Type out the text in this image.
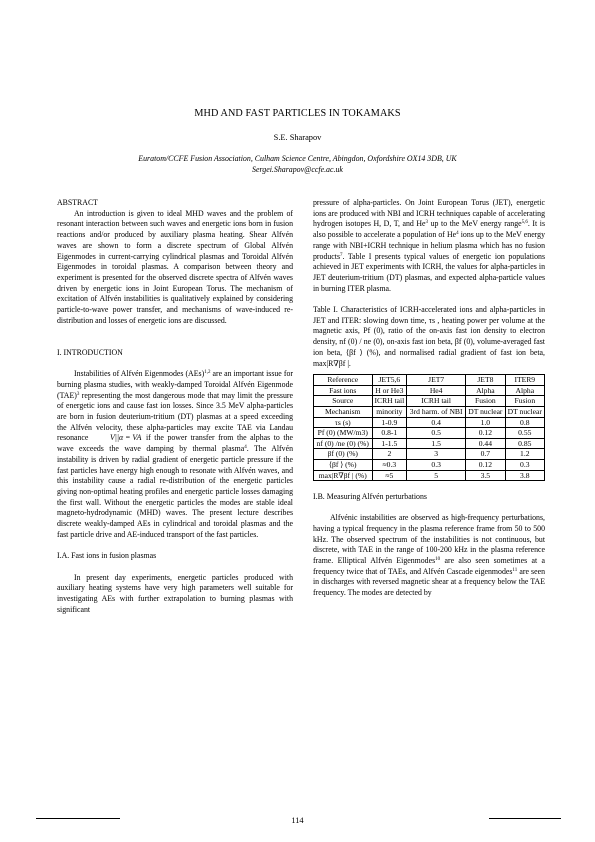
MHD AND FAST PARTICLES IN TOKAMAKS
S.E. Sharapov
Euratom/CCFE Fusion Association, Culham Science Centre, Abingdon, Oxfordshire OX14 3DB, UK
Sergei.Sharapov@ccfe.ac.uk

ABSTRACT

An introduction is given to ideal MHD waves and the problem of resonant interaction between such waves and energetic ions born in fusion reactions and/or produced by auxiliary plasma heating. Shear Alfvén waves are shown to form a discrete spectrum of Global Alfvén Eigenmodes in current-carrying cylindrical plasmas and Toroidal Alfvén Eigenmodes in toroidal plasmas. A comparison between theory and experiment is presented for the observed discrete spectra of Alfvén waves driven by energetic ions in Joint European Torus. The mechanism of excitation of Alfvén instabilities is qualitatively explained by considering particle-to-wave power transfer, and mechanisms of wave-induced re-distribution and losses of energetic ions are discussed.

I. INTRODUCTION

Instabilities of Alfvén Eigenmodes (AEs)$^{1,2}$ are an important issue for burning plasma studies, with weakly-damped Toroidal Alfvén Eigenmode (TAE)$^3$ representing the most dangerous mode that may limit the pressure of energetic ions and cause fast ion losses. Since 3.5 MeV alpha-particles are born in fusion deuterium-tritium (DT) plasmas at a speed exceeding the Alfvén velocity, these alpha-particles may excite TAE via Landau resonance	V||α = VA if the power transfer from the alphas to the wave exceeds the wave damping by thermal plasma$^4$. The Alfvén instability is driven by radial gradient of energetic particle pressure if the fast particles have energy high enough to resonate with Alfvén waves, and this instability cause a radial re-distribution of the energetic particles giving non-optimal heating profiles and energetic particle losses damaging the first wall. Without the energetic particles the modes are stable ideal magneto-hydrodynamic (MHD) waves. The present lecture describes discrete weakly-damped AEs in cylindrical and toroidal plasmas and the fast particle drive and AE-induced transport of the fast particles.

I.A. Fast ions in fusion plasmas

In present day experiments, energetic particles produced with auxiliary heating systems have very high parameters well suitable for investigating AEs with further extrapolation to burning plasmas with significant

pressure of alpha-particles. On Joint European Torus (JET), energetic ions are produced with NBI and ICRH techniques capable of accelerating hydrogen isotopes H, D, T, and He$^3$ up to the MeV energy range$^{5,6}$. It is also possible to accelerate a population of He$^4$ ions up to the MeV energy range with NBI+ICRH technique in helium plasma which has no fusion products$^7$. Table I presents typical values of energetic ion populations achieved in JET experiments with ICRH, the values for alpha-particles in JET deuterium-tritium (DT) plasmas, and expected alpha-particle values in burning ITER plasma.

Table I. Characteristics of ICRH-accelerated ions and alpha-particles in JET and ITER: slowing down time, τs , heating power per volume at the magnetic axis, Pf (0), ratio of the on-axis fast ion density to electron density, nf (0) / ne (0), on-axis fast ion beta, βf (0), volume-averaged fast ion beta, ⟨βf ⟩ (%), and normalised radial gradient of fast ion beta, max|R∇βf |.

Reference	JET5,6	JET7	JET8	ITER9
Fast ions	H or He3	He4	Alpha	Alpha
Source	ICRH tail	ICRH tail	Fusion	Fusion
Mechanism	minority	3rd harm. of NBI	DT nuclear	DT nuclear
τs (s)	1-0.9	0.4	1.0	0.8
Pf (0) (MW/m3)	0.8-1	0.5	0.12	0.55
nf (0) /ne (0) (%)	1-1.5	1.5	0.44	0.85
βf (0) (%)	2	3	0.7	1.2
⟨βf ⟩ (%)	≈0.3	0.3	0.12	0.3
max|R∇βf | (%)	≈5	5	3.5	3.8

I.B. Measuring Alfvén perturbations

Alfvénic instabilities are observed as high-frequency perturbations, having a typical frequency in the plasma reference frame from 50 to 500 kHz. The observed spectrum of the instabilities is not continuous, but discrete, with TAE in the range of 100-200 kHz in the plasma reference frame. Elliptical Alfvén Eigenmodes$^{10}$ are also seen sometimes at a frequency twice that of TAEs, and Alfvén Cascade eigenmodes$^{11}$ are seen in discharges with reversed magnetic shear at a frequency below the TAE frequency. The modes are detected by

114
